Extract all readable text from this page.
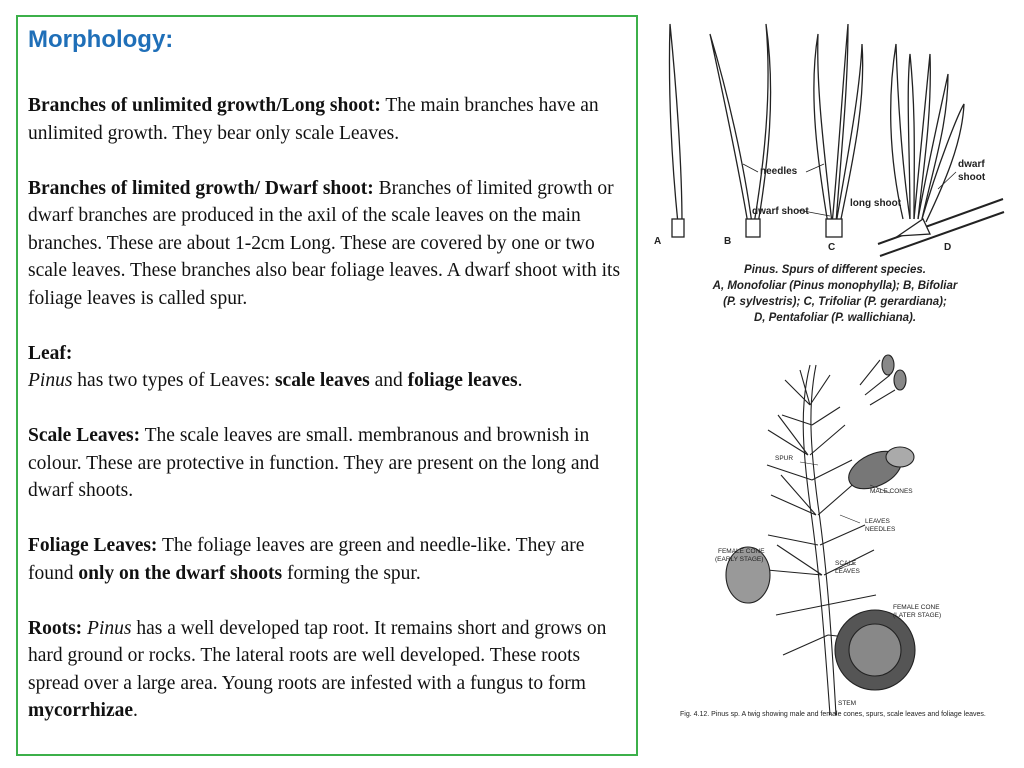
Morphology:

Branches of unlimited growth/Long shoot: The main branches have an unlimited growth. They bear only scale Leaves.

Branches of limited growth/ Dwarf shoot: Branches of limited growth or dwarf branches are produced in the axil of the scale leaves on the main branches. These are about 1-2cm Long. These are covered by one or two scale leaves. These branches also bear foliage leaves. A dwarf shoot with its foliage leaves is called spur.

Leaf:
Pinus has two types of Leaves: scale leaves and foliage leaves.

Scale Leaves: The scale leaves are small. membranous and brownish in colour. These are protective in function. They are present on the long and dwarf shoots.

Foliage Leaves: The foliage leaves are green and needle-like. They are found only on the dwarf shoots forming the spur.

Roots: Pinus has a well developed tap root. It remains short and grows on hard ground or rocks. The lateral roots are well developed. These roots spread over a large area. Young roots are infested with a fungus to form mycorrhizae.

needles
dwarf shoot
long shoot
dwarf
shoot
A	B
C	D
Pinus. Spurs of different species.
A, Monofoliar (Pinus monophylla); B, Bifoliar
(P. sylvestris); C, Trifoliar (P. gerardiana);
D, Pentafoliar (P. wallichiana).
SPUR
MALE CONES
LEAVES
NEEDLES
FEMALE CONE
(EARLY STAGE)
SCALE
LEAVES
FEMALE CONE
(LATER STAGE)
STEM
Fig. 4.12. Pinus sp. A twig showing male and female cones, spurs, scale leaves and foliage leaves.
